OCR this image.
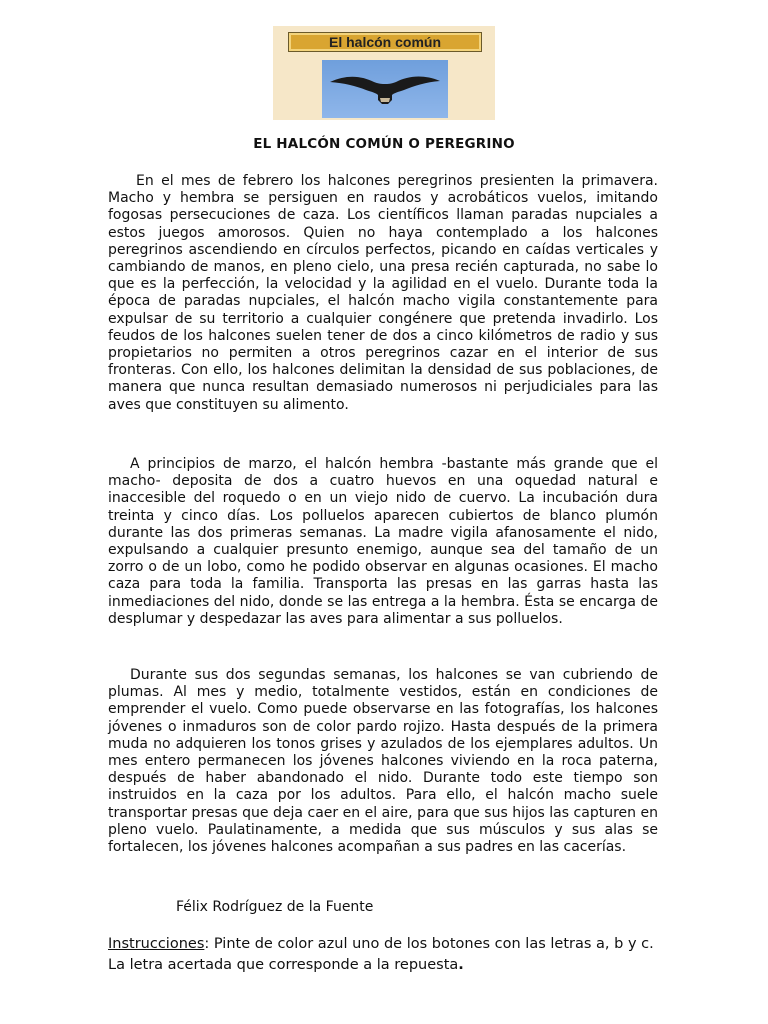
El halcón común
EL HALCÓN COMÚN O PEREGRINO

En el mes de febrero los halcones peregrinos presienten la primavera. Macho y hembra se persiguen en raudos y acrobáticos vuelos, imitando fogosas persecuciones de caza. Los científicos llaman paradas nupciales a estos juegos amorosos. Quien no haya contemplado a los halcones peregrinos ascendiendo en círculos perfectos, picando en caídas verticales y cambiando de manos, en pleno cielo, una presa recién capturada, no sabe lo que es la perfección, la velocidad y la agilidad en el vuelo. Durante toda la época de paradas nupciales, el halcón macho vigila constantemente para expulsar de su territorio a cualquier congénere que pretenda invadirlo. Los feudos de los halcones suelen tener de dos a cinco kilómetros de radio y sus propietarios no permiten a otros peregrinos cazar en el interior de sus fronteras. Con ello, los halcones delimitan la densidad de sus poblaciones, de manera que nunca resultan demasiado numerosos ni perjudiciales para las aves que constituyen su alimento.

A principios de marzo, el halcón hembra -bastante más grande que el macho- deposita de dos a cuatro huevos en una oquedad natural e inaccesible del roquedo o en un viejo nido de cuervo. La incubación dura treinta y cinco días. Los polluelos aparecen cubiertos de blanco plumón durante las dos primeras semanas. La madre vigila afanosamente el nido, expulsando a cualquier presunto enemigo, aunque sea del tamaño de un zorro o de un lobo, como he podido observar en algunas ocasiones. El macho caza para toda la familia. Transporta las presas en las garras hasta las inmediaciones del nido, donde se las entrega a la hembra. Ésta se encarga de desplumar y despedazar las aves para alimentar a sus polluelos.

Durante sus dos segundas semanas, los halcones se van cubriendo de plumas. Al mes y medio, totalmente vestidos, están en condiciones de emprender el vuelo. Como puede observarse en las fotografías, los halcones jóvenes o inmaduros son de color pardo rojizo. Hasta después de la primera muda no adquieren los tonos grises y azulados de los ejemplares adultos. Un mes entero permanecen los jóvenes halcones viviendo en la roca paterna, después de haber abandonado el nido. Durante todo este tiempo son instruidos en la caza por los adultos. Para ello, el halcón macho suele transportar presas que deja caer en el aire, para que sus hijos las capturen en pleno vuelo. Paulatinamente, a medida que sus músculos y sus alas se fortalecen, los jóvenes halcones acompañan a sus padres en las cacerías.

Félix Rodríguez de la Fuente
Instrucciones: Pinte de color azul uno de los botones con las letras a, b y c. La letra acertada que corresponde a la repuesta.
